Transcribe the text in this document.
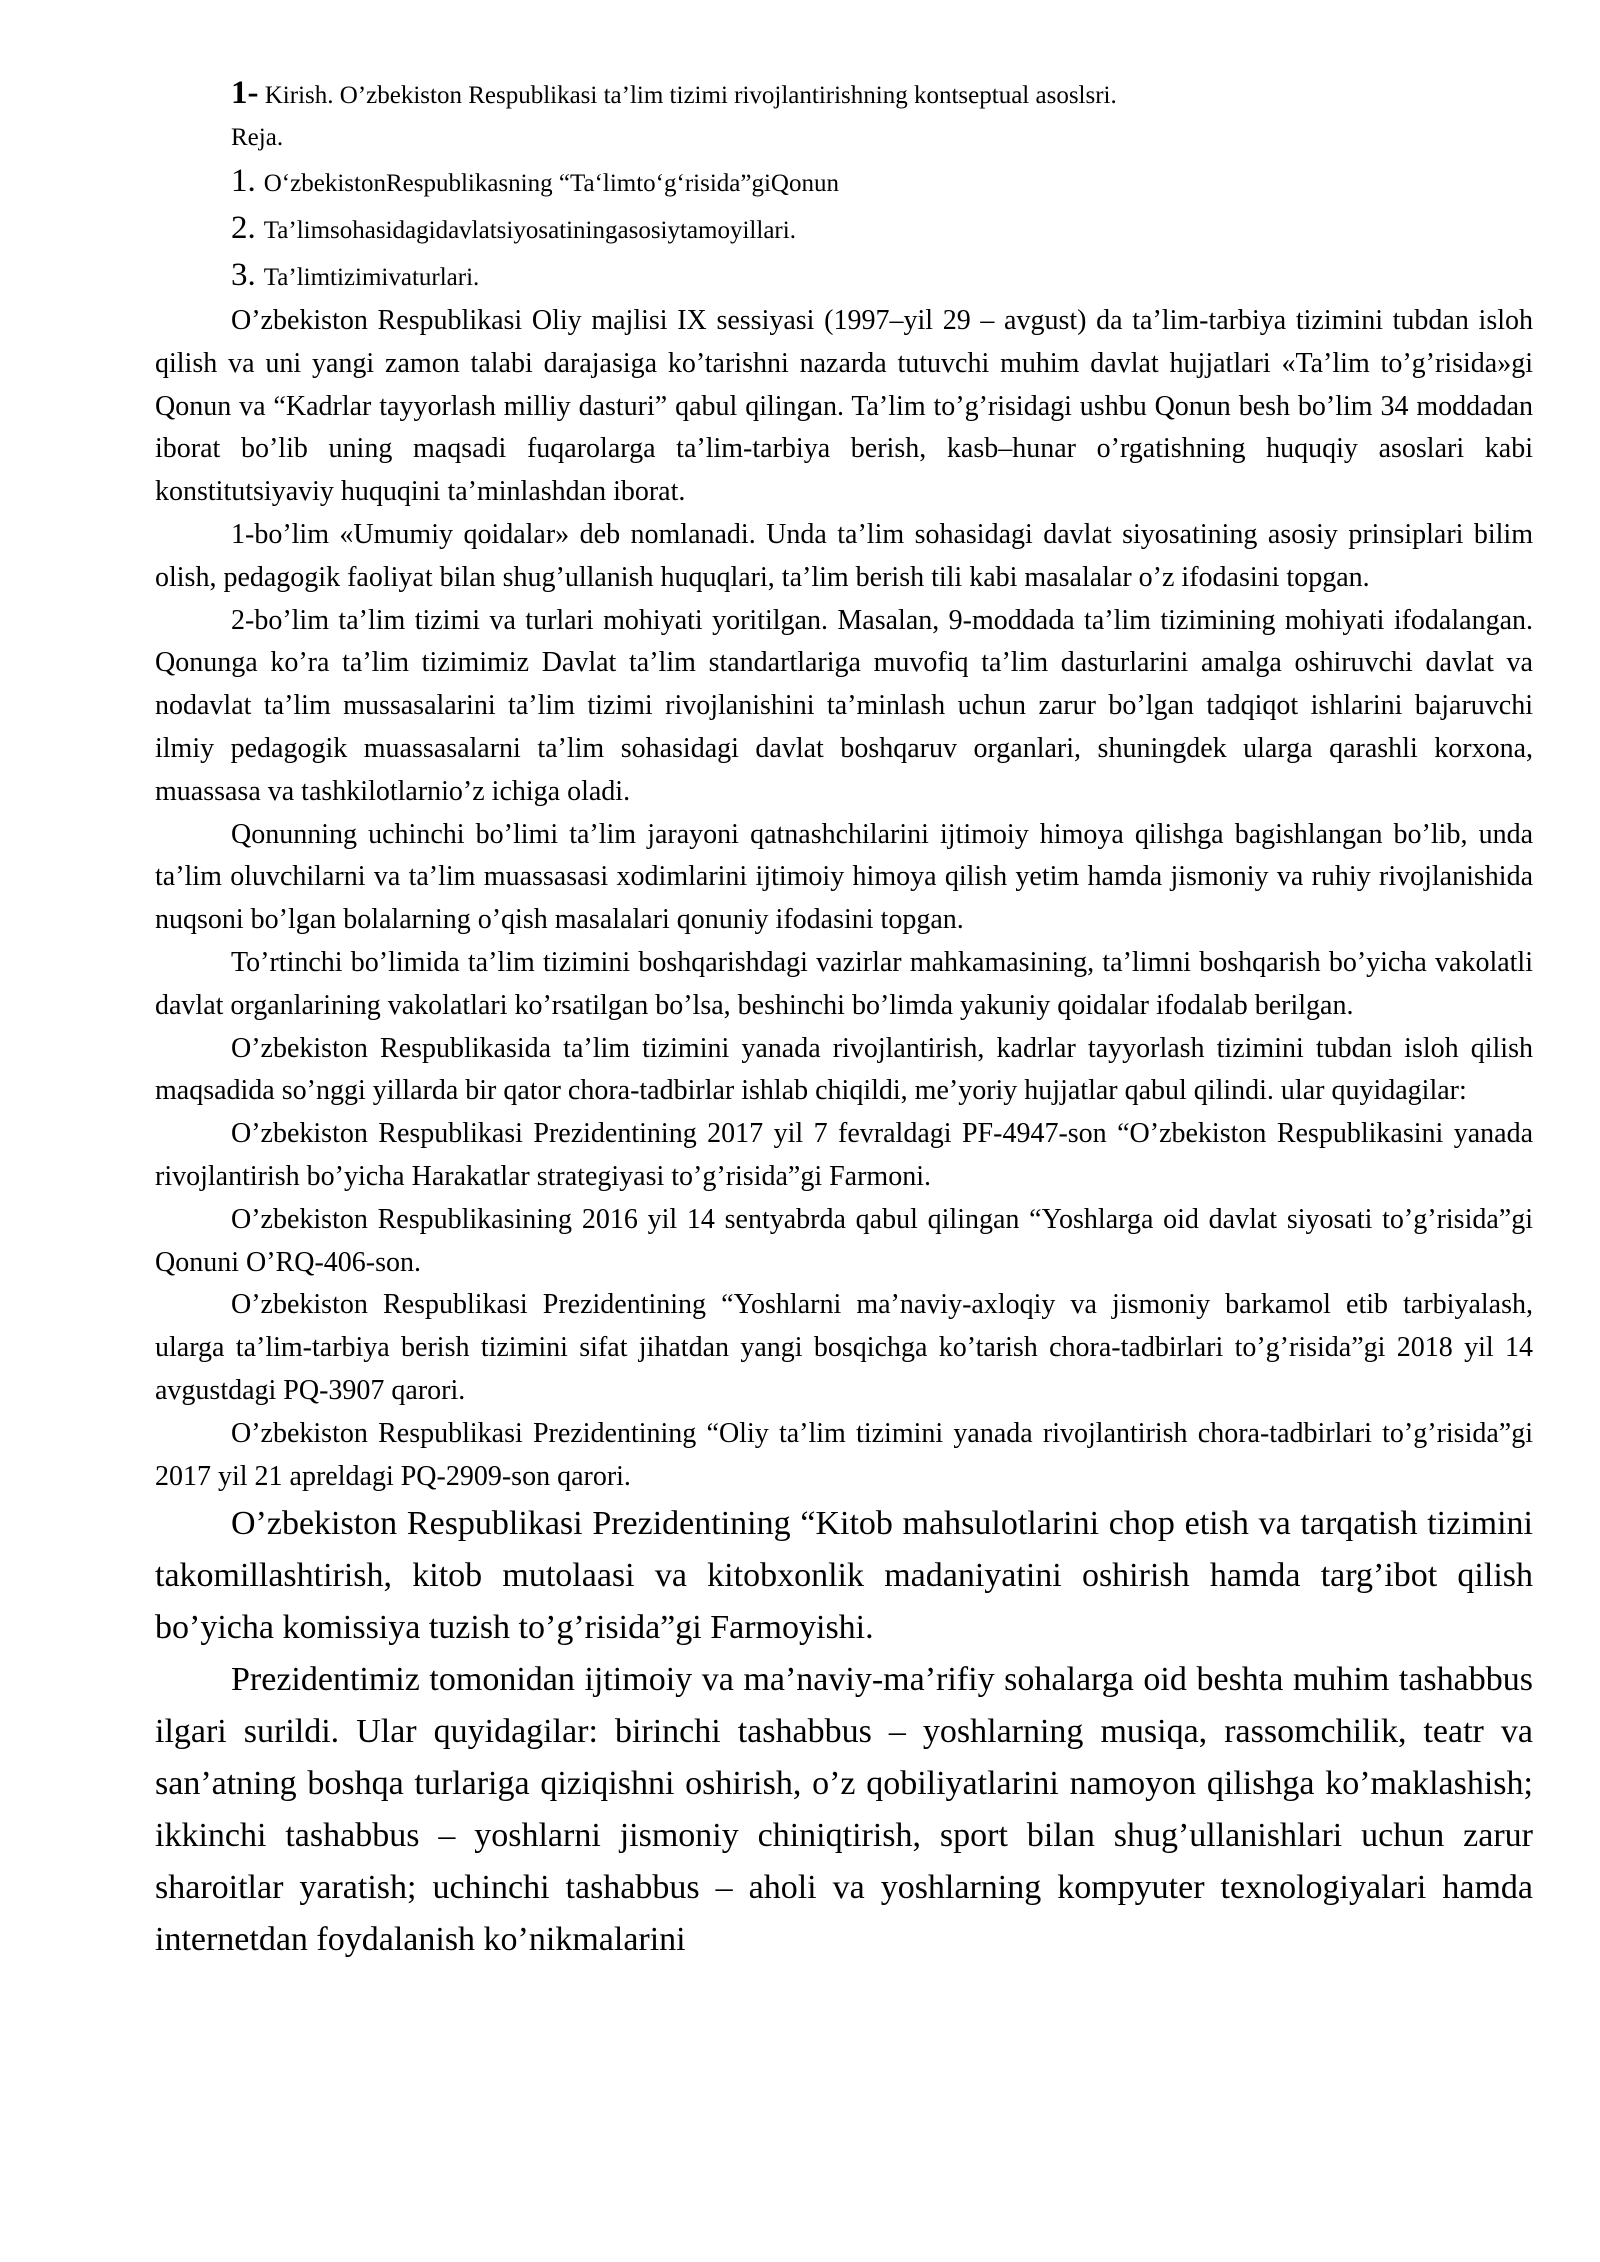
1- Kirish. O’zbekiston Respublikasi ta’lim tizimi rivojlantirishning kontseptual asoslsri.

Reja.

1. O‘zbekistonRespublikasning “Ta‘limto‘g‘risida”giQonun

2. Ta’limsohasidagidavlatsiyosatiningasosiytamoyillari.

3. Ta’limtizimivaturlari.

O’zbekiston Respublikasi Oliy majlisi IX sessiyasi (1997–yil 29 – avgust) da ta’lim-tarbiya tizimini tubdan isloh qilish va uni yangi zamon talabi darajasiga ko’tarishni nazarda tutuvchi muhim davlat hujjatlari «Ta’lim to’g’risida»gi Qonun va “Kadrlar tayyorlash milliy dasturi” qabul qilingan. Ta’lim to’g’risidagi ushbu Qonun besh bo’lim 34 moddadan iborat bo’lib uning maqsadi fuqarolarga ta’lim-tarbiya berish, kasb–hunar o’rgatishning huquqiy asoslari kabi konstitutsiyaviy huquqini ta’minlashdan iborat.

1-bo’lim «Umumiy qoidalar» deb nomlanadi. Unda ta’lim sohasidagi davlat siyosatining asosiy prinsiplari bilim olish, pedagogik faoliyat bilan shug’ullanish huquqlari, ta’lim berish tili kabi masalalar o’z ifodasini topgan.

2-bo’lim ta’lim tizimi va turlari mohiyati yoritilgan. Masalan, 9-moddada ta’lim tizimining mohiyati ifodalangan. Qonunga ko’ra ta’lim tizimimiz Davlat ta’lim standartlariga muvofiq ta’lim dasturlarini amalga oshiruvchi davlat va nodavlat ta’lim mussasalarini ta’lim tizimi rivojlanishini ta’minlash uchun zarur bo’lgan tadqiqot ishlarini bajaruvchi ilmiy pedagogik muassasalarni ta’lim sohasidagi davlat boshqaruv organlari, shuningdek ularga qarashli korxona, muassasa va tashkilotlarnio’z ichiga oladi.

Qonunning uchinchi bo’limi ta’lim jarayoni qatnashchilarini ijtimoiy himoya qilishga bagishlangan bo’lib, unda ta’lim oluvchilarni va ta’lim muassasasi xodimlarini ijtimoiy himoya qilish yetim hamda jismoniy va ruhiy rivojlanishida nuqsoni bo’lgan bolalarning o’qish masalalari qonuniy ifodasini topgan.

To’rtinchi bo’limida ta’lim tizimini boshqarishdagi vazirlar mahkamasining, ta’limni boshqarish bo’yicha vakolatli davlat organlarining vakolatlari ko’rsatilgan bo’lsa, beshinchi bo’limda yakuniy qoidalar ifodalab berilgan.

O’zbekiston Respublikasida ta’lim tizimini yanada rivojlantirish, kadrlar tayyorlash tizimini tubdan isloh qilish maqsadida so’nggi yillarda bir qator chora-tadbirlar ishlab chiqildi, me’yoriy hujjatlar qabul qilindi. ular quyidagilar:

O’zbekiston Respublikasi Prezidentining 2017 yil 7 fevraldagi PF-4947-son “O’zbekiston Respublikasini yanada rivojlantirish bo’yicha Harakatlar strategiyasi to’g’risida”gi Farmoni.

O’zbekiston Respublikasining 2016 yil 14 sentyabrda qabul qilingan “Yoshlarga oid davlat siyosati to’g’risida”gi Qonuni O’RQ-406-son.

O’zbekiston Respublikasi Prezidentining “Yoshlarni ma’naviy-axloqiy va jismoniy barkamol etib tarbiyalash, ularga ta’lim-tarbiya berish tizimini sifat jihatdan yangi bosqichga ko’tarish chora-tadbirlari to’g’risida”gi 2018 yil 14 avgustdagi PQ-3907 qarori.

O’zbekiston Respublikasi Prezidentining “Oliy ta’lim tizimini yanada rivojlantirish chora-tadbirlari to’g’risida”gi 2017 yil 21 apreldagi PQ-2909-son qarori.

O’zbekiston Respublikasi Prezidentining “Kitob mahsulotlarini chop etish va tarqatish tizimini takomillashtirish, kitob mutolaasi va kitobxonlik madaniyatini oshirish hamda targ’ibot qilish bo’yicha komissiya tuzish to’g’risida”gi Farmoyishi.

Prezidentimiz tomonidan ijtimoiy va ma’naviy-ma’rifiy sohalarga oid beshta muhim tashabbus ilgari surildi. Ular quyidagilar: birinchi tashabbus – yoshlarning musiqa, rassomchilik, teatr va san’atning boshqa turlariga qiziqishni oshirish, o’z qobiliyatlarini namoyon qilishga ko’maklashish; ikkinchi tashabbus – yoshlarni jismoniy chiniqtirish, sport bilan shug’ullanishlari uchun zarur sharoitlar yaratish; uchinchi tashabbus – aholi va yoshlarning kompyuter texnologiyalari hamda internetdan foydalanish ko’nikmalarini
